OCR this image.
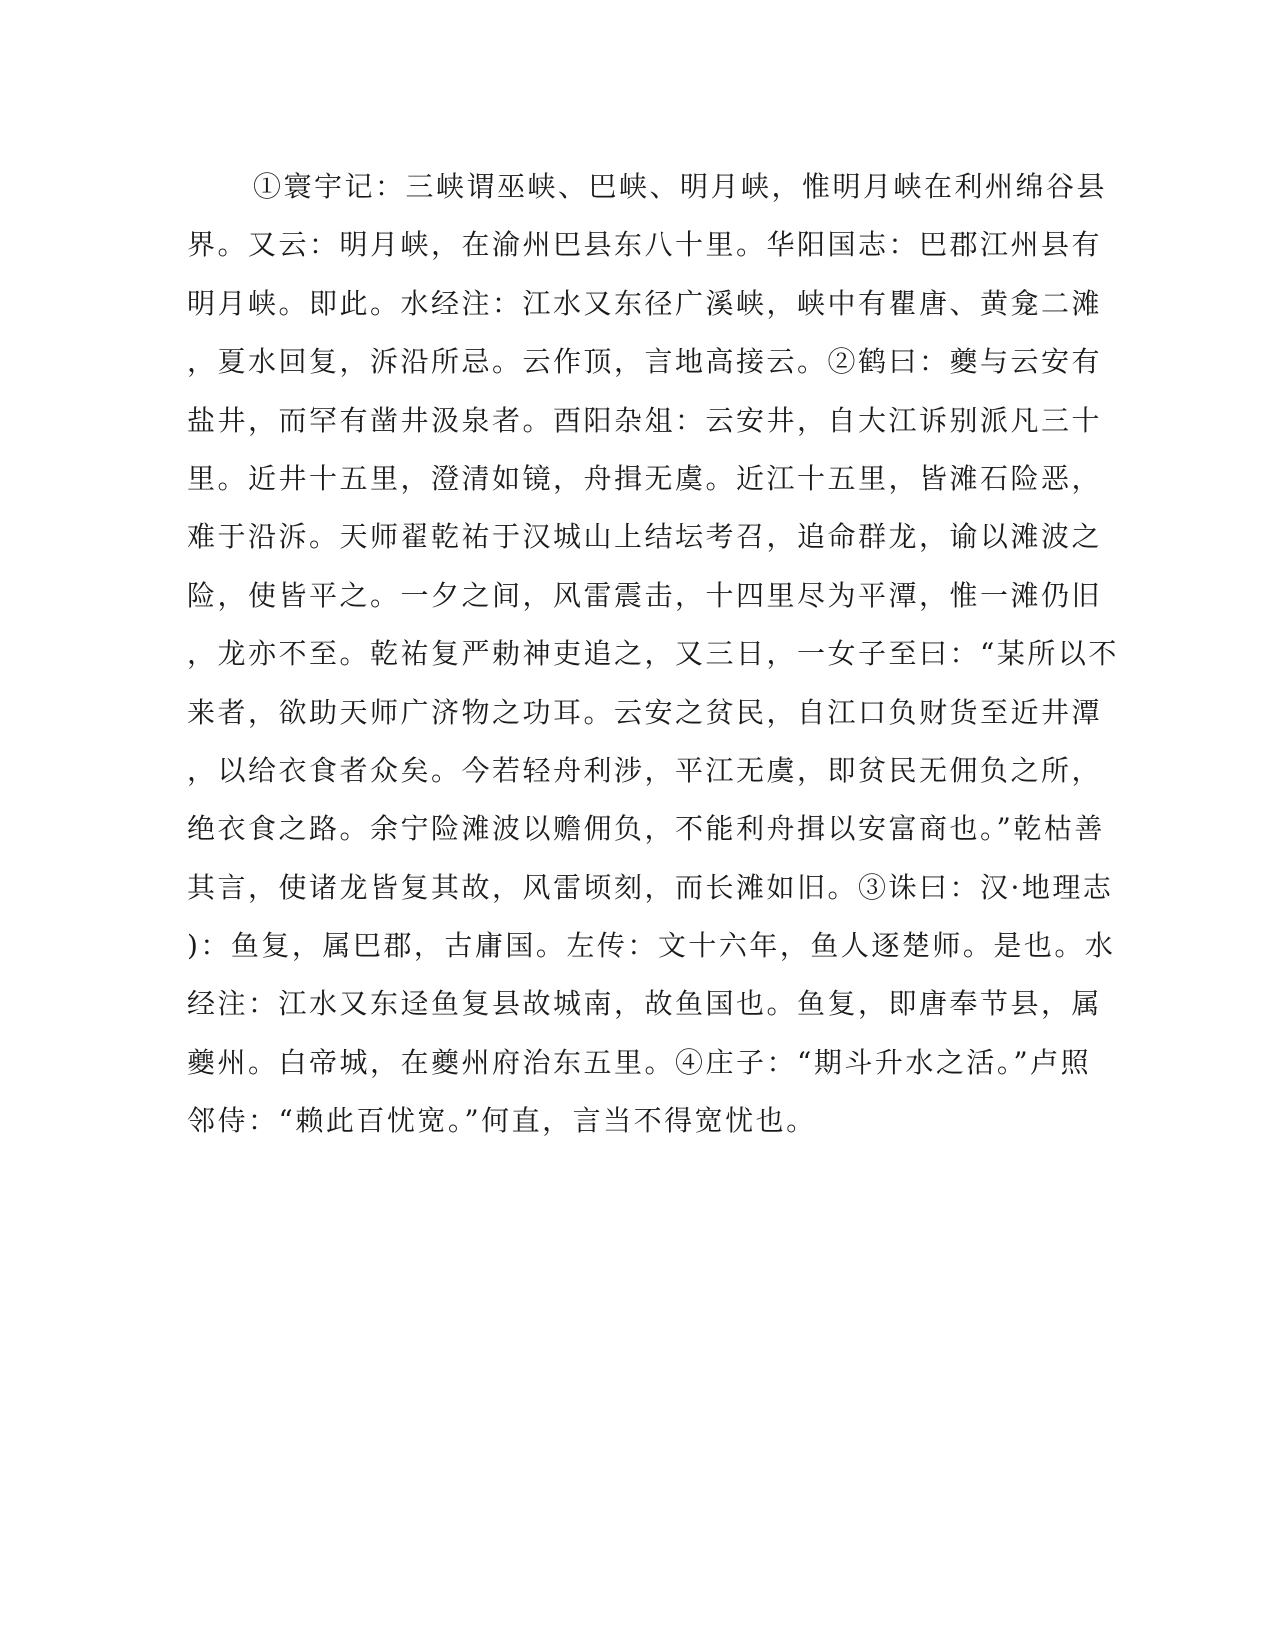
①寰宇记：三峡谓巫峡、巴峡、明月峡，惟明月峡在利州绵谷县
界。又云：明月峡，在渝州巴县东八十里。华阳国志：巴郡江州县有
明月峡。即此。水经注：江水又东径广溪峡，峡中有瞿唐、黄龛二滩
，夏水回复，泝沿所忌。云作顶，言地高接云。②鹤曰：夔与云安有
盐井，而罕有凿井汲泉者。酉阳杂俎：云安井，自大江诉别派凡三十
里。近井十五里，澄清如镜，舟揖无虞。近江十五里，皆滩石险恶，
难于沿泝。天师翟乾祐于汉城山上结坛考召，追命群龙，谕以滩波之
险，使皆平之。一夕之间，风雷震击，十四里尽为平潭，惟一滩仍旧
，龙亦不至。乾祐复严勅神吏追之，又三日，一女子至曰：“某所以不
来者，欲助天师广济物之功耳。云安之贫民，自江口负财货至近井潭
，以给衣食者众矣。今若轻舟利涉，平江无虞，即贫民无佣负之所，
绝衣食之路。余宁险滩波以赡佣负，不能利舟揖以安富商也。”乾枯善
其言，使诸龙皆复其故，风雷顷刻，而长滩如旧。③诛曰：汉·地理志
)：鱼复，属巴郡，古庸国。左传：文十六年，鱼人逐楚师。是也。水
经注：江水又东迳鱼复县故城南，故鱼国也。鱼复，即唐奉节县，属
夔州。白帝城，在夔州府治东五里。④庄子：“期斗升水之活。”卢照
邻侍：“赖此百忧宽。”何直，言当不得宽忧也。
